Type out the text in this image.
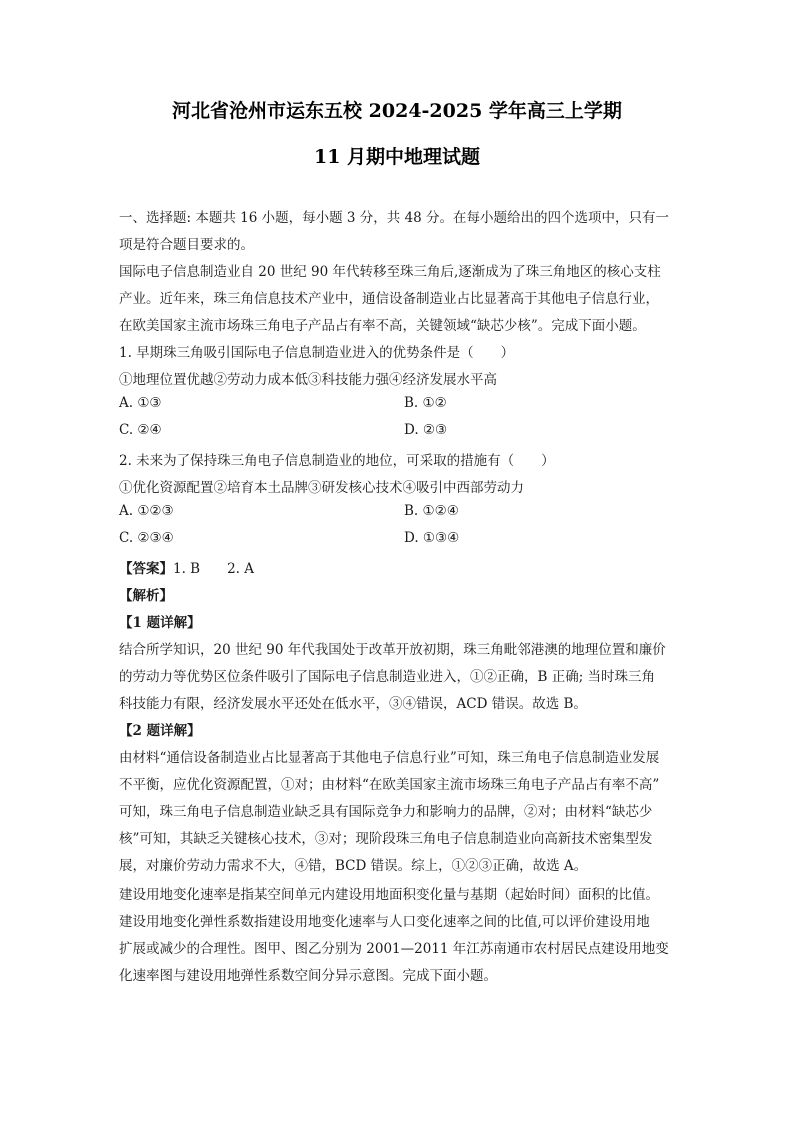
河北省沧州市运东五校 2024-2025 学年高三上学期
11 月期中地理试题
一、选择题: 本题共 16 小题，每小题 3 分，共 48 分。在每小题给出的四个选项中，只有一
项是符合题目要求的。
国际电子信息制造业自 20 世纪 90 年代转移至珠三角后,逐渐成为了珠三角地区的核心支柱
产业。近年来，珠三角信息技术产业中，通信设备制造业占比显著高于其他电子信息行业，
在欧美国家主流市场珠三角电子产品占有率不高，关键领域“缺芯少核”。完成下面小题。
1. 早期珠三角吸引国际电子信息制造业进入的优势条件是（　　）
①地理位置优越②劳动力成本低③科技能力强④经济发展水平高
A. ①③	B. ①②
C. ②④	D. ②③
2. 未来为了保持珠三角电子信息制造业的地位，可采取的措施有（　　）
①优化资源配置②培育本土品牌③研发核心技术④吸引中西部劳动力
A. ①②③	B. ①②④
C. ②③④	D. ①③④
【答案】1. B　　2. A
【解析】
【1 题详解】
结合所学知识，20 世纪 90 年代我国处于改革开放初期，珠三角毗邻港澳的地理位置和廉价
的劳动力等优势区位条件吸引了国际电子信息制造业进入，①②正确，B 正确; 当时珠三角
科技能力有限，经济发展水平还处在低水平，③④错误，ACD 错误。故选 B。
【2 题详解】
由材料“通信设备制造业占比显著高于其他电子信息行业”可知，珠三角电子信息制造业发展
不平衡，应优化资源配置，①对；由材料“在欧美国家主流市场珠三角电子产品占有率不高”
可知，珠三角电子信息制造业缺乏具有国际竞争力和影响力的品牌，②对；由材料“缺芯少
核”可知，其缺乏关键核心技术，③对；现阶段珠三角电子信息制造业向高新技术密集型发
展，对廉价劳动力需求不大，④错，BCD 错误。综上，①②③正确，故选 A。
建设用地变化速率是指某空间单元内建设用地面积变化量与基期（起始时间）面积的比值。
建设用地变化弹性系数指建设用地变化速率与人口变化速率之间的比值,可以评价建设用地
扩展或减少的合理性。图甲、图乙分别为 2001—2011 年江苏南通市农村居民点建设用地变
化速率图与建设用地弹性系数空间分异示意图。完成下面小题。
